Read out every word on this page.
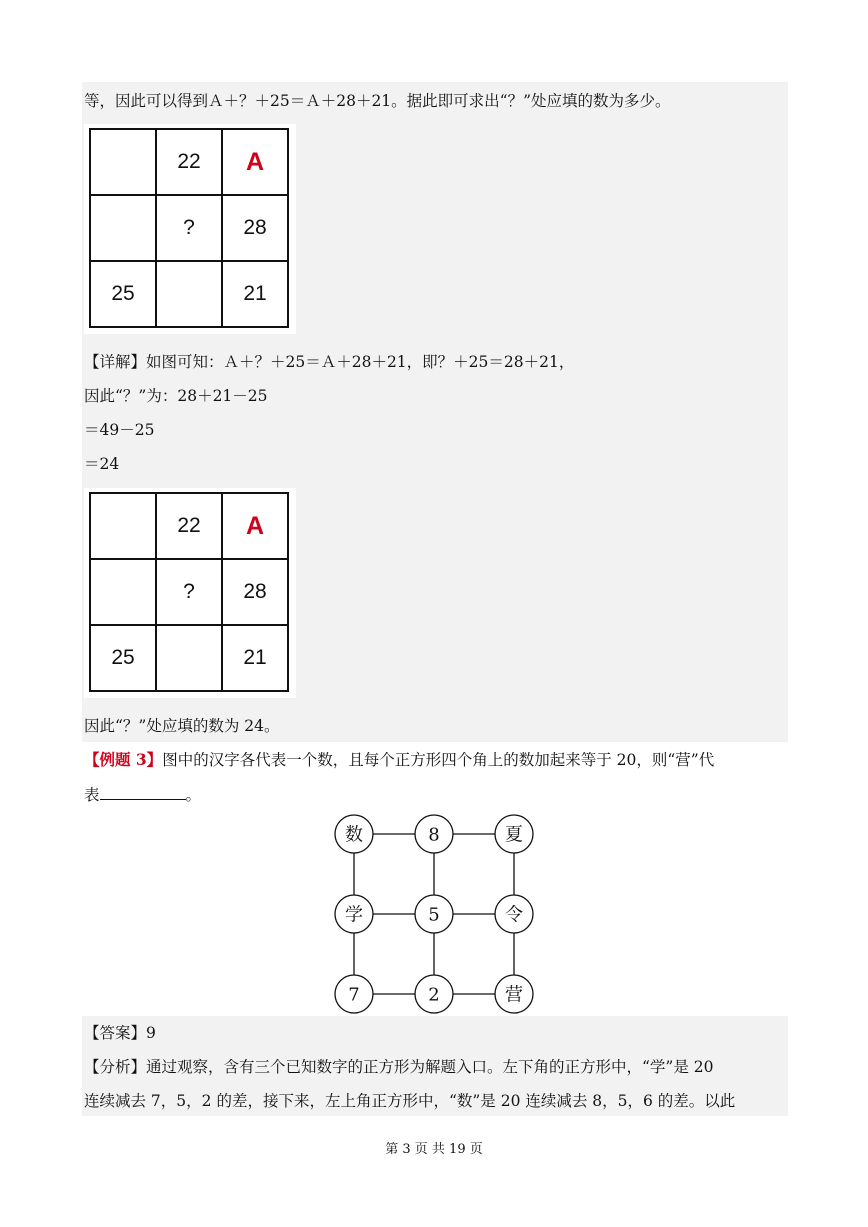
等，因此可以得到Ａ＋？＋25＝Ａ＋28＋21。据此即可求出“？”处应填的数为多少。
	22	A
	?	28
25		21
【详解】如图可知：Ａ＋？＋25＝Ａ＋28＋21，即？＋25＝28＋21，
因此“？”为：28＋21－25
＝49－25
＝24
	22	A
	?	28
25		21
因此“？”处应填的数为 24。
【例题 3】图中的汉字各代表一个数，且每个正方形四个角上的数加起来等于 20，则“营”代
表	。
数	8	夏
学	5	令
7	2	营
【答案】9
【分析】通过观察，含有三个已知数字的正方形为解题入口。左下角的正方形中，“学”是 20
连续减去 7，5，2 的差，接下来，左上角正方形中，“数”是 20 连续减去 8，5，6 的差。以此
第 3 页 共 19 页
